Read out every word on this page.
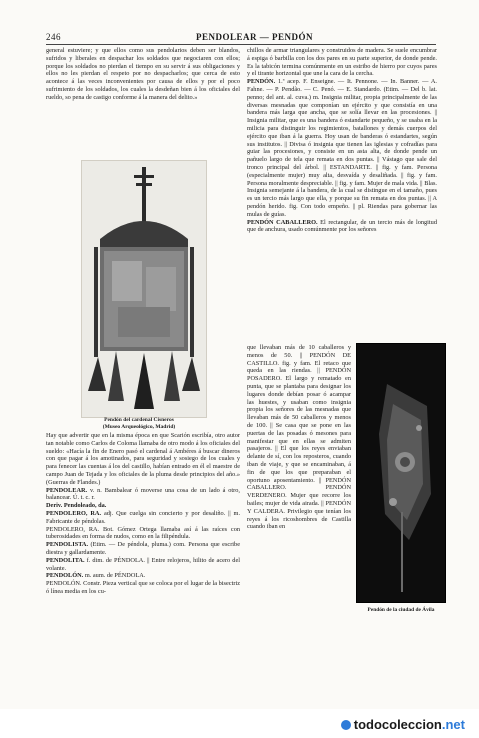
246	PENDOLEAR — PENDÓN

general estuviere; y que ellos como sus pendolarios deben ser blandos, sufridos y liberales en despachar los soldados que negociaren con ellos; porque los soldados no pierdan el tiempo en su servir á sus obligaciones y ellos no les pierdan el respeto por no despacharlos; que cerca de esto acontece á las veces inconvenientes por causa de ellos y por el poco sufrimiento de los soldados, los cuales la desdeñan bien á los oficiales del rueldo, so pena de castigo conforme á la manera del delito.»

Pendón del cardenal Cisneros
(Museo Arqueológico, Madrid)

Hay que advertir que en la misma época en que Scarión escribía, otro autor tan notable como Carlos de Coloma llamaba de otro modo á los oficiales del sueldo: «Hacía la fin de Enero pasó el cardenal á Ambéres á buscar dineros con que pagar á los amotinados, para seguridad y sosiego de los cuales y para fenecer las cuentas á los del castillo, habían entrado en él el maestre de campo Juan de Tejada y los oficiales de la pluma desde principios del año.» (Guerras de Flandes.)

PENDOLEAR. v. n. Bambalear ó moverse una cosa de un lado á otro, balancear. Ú. t. c. r.

Deriv. Pendoleado, da.

PENDOLERO, RA. adj. Que cuelga sin concierto y por desaliño. || m. Fabricante de péndolas.

PENDOLERO, RA. Bot. Gómez Ortega llamaba así á las raíces con tuberosidades en forma de nudos, como en la filipéndula.

PENDOLISTA. (Etim. — De péndola, pluma.) com. Persona que escribe diestra y gallardamente.

PENDOLITA. f. dim. de PÉNDOLA. || Entre relojeros, hilito de acero del volante.

PENDOLÓN. m. aum. de PÉNDOLA.

PENDOLÓN. Constr. Pieza vertical que se coloca por el lugar de la bisectriz ó línea media en los cu-

chillos de armar triangulares y construidos de madera. Se suele encumbrar á espiga ó barbilla con los dos pares en su parte superior, de donde pende. Es la tabicón termina comúnmente en un estribo de hierro por cuyos pares y el tirante horizontal que une la cara de la cercha.

PENDÓN. 1.ª acep. F. Enseigne. — It. Pennone. — In. Banner. — A. Fahne. — P. Pendão. — C. Penó. — E. Standardo. (Etim. — Del b. lat. penno; del ant. al. cuva.) m. Insignia militar, propia principalmente de las diversas mesnadas que componían un ejército y que consistía en una bandera más larga que ancha, que se solía llevar en las procesiones. || Insignia militar, que es una bandera ó estandarte pequeño, y se usaba en la milicia para distinguir los regimientos, batallones y demás cuerpos del ejército que iban á la guerra. Hoy usan de banderas ó estandartes, según sus institutos. || Divisa ó insignia que tienen las iglesias y cofradías para guiar las procesiones, y consiste en un asta alta, de donde pende un pañuelo largo de tela que remata en dos puntas. || Vástago que sale del tronco principal del árbol. || ESTANDARTE. || fig. y fam. Persona (especialmente mujer) muy alta, desvaída y desaliñada. || fig. y fam. Persona moralmente despreciable. || fig. y fam. Mujer de mala vida. || Blas. Insignia semejante á la bandera, de la cual se distingue en el tamaño, pues es un tercio más largo que ella, y porque su fin remata en dos puntas. || A pendón herido. fig. Con todo empeño. || pl. Riendas para gobernar las mulas de guías.

PENDÓN CABALLERO. El rectangular, de un tercio más de longitud que de anchura, usado comúnmente por los señores

que llevaban más de 10 caballeros y menos de 50. || PENDÓN DE CASTILLO. fig. y fam. El retaco que queda en las riendas. || PENDÓN POSADERO. El largo y rematado en punta, que se plantaba para designar los lugares donde debían posar ó acampar las huestes, y usaban como insignia propia los señores de las mesnadas que llevaban más de 50 caballeros y menos de 100. || Se casa que se pone en las puertas de las posadas ó mesones para manifestar que en ellas se admiten pasajeros. || El que los reyes enviaban delante de sí, con los reposteros, cuando iban de viaje, y que se encaminaban, á fin de que los que preparaban el oportuno aposentamiento. || PENDÓN CABALLERO. PENDÓN VERDENERO. Mujer que recorre los bailes; mujer de vida airada. || PENDÓN Y CALDERA. Privilegio que tenían los reyes á los ricoshombres de Castilla cuando iban en

Pendón de la ciudad de Ávila
todocoleccion.net
